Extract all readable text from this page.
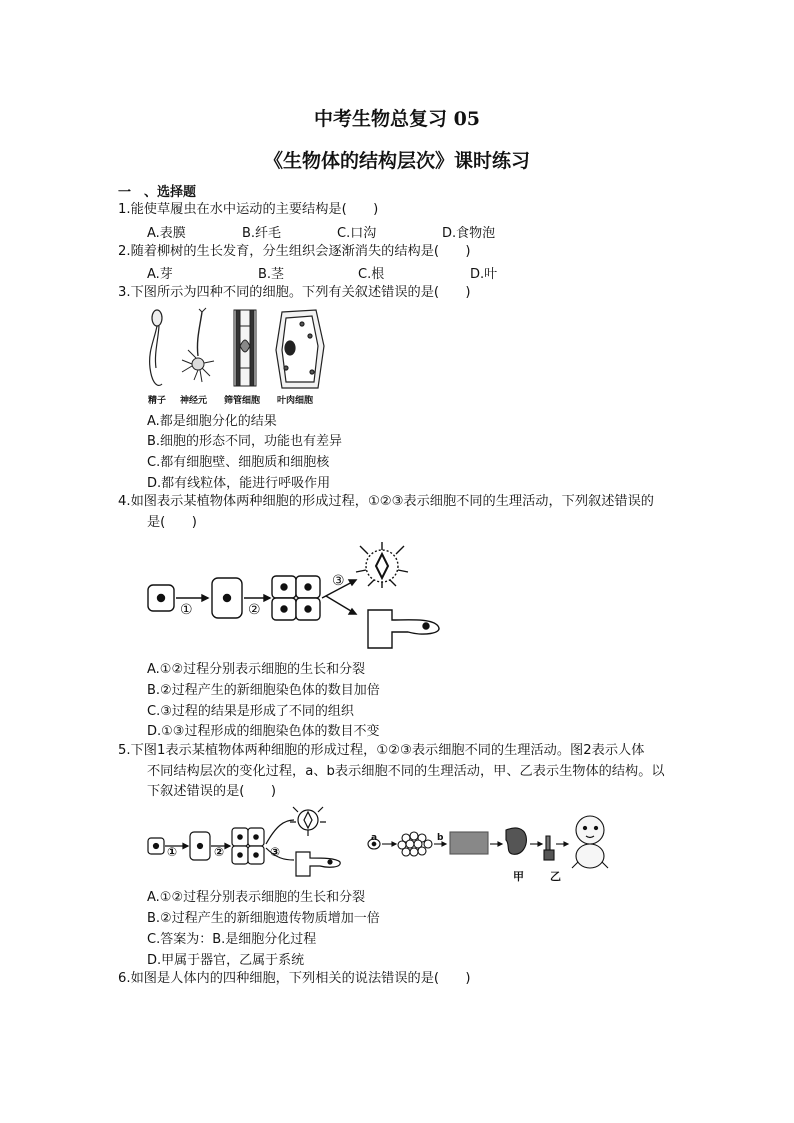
中考生物总复习 05
《生物体的结构层次》课时练习
一　、选择题
1.能使草履虫在水中运动的主要结构是(　　)
A.表膜	B.纤毛	C.口沟	D.食物泡
2.随着柳树的生长发育，分生组织会逐渐消失的结构是(　　)
A.芽	B.茎	C.根	D.叶
3.下图所示为四种不同的细胞。下列有关叙述错误的是(　　)
精子 神经元 筛管细胞 叶肉细胞
A.都是细胞分化的结果
B.细胞的形态不同，功能也有差异
C.都有细胞壁、细胞质和细胞核
D.都有线粒体，能进行呼吸作用
4.如图表示某植物体两种细胞的形成过程，①②③表示细胞不同的生理活动，下列叙述错误的
是(　　)
①	②
③
A.①②过程分别表示细胞的生长和分裂
B.②过程产生的新细胞染色体的数目加倍
C.③过程的结果是形成了不同的组织
D.①③过程形成的细胞染色体的数目不变
5.下图1表示某植物体两种细胞的形成过程，①②③表示细胞不同的生理活动。图2表示人体
不同结构层次的变化过程，a、b表示细胞不同的生理活动，甲、乙表示生物体的结构。以
下叙述错误的是(　　)
①	②	③
a	b
甲 乙
A.①②过程分别表示细胞的生长和分裂
B.②过程产生的新细胞遗传物质增加一倍
C.答案为：B.是细胞分化过程
D.甲属于器官，乙属于系统
6.如图是人体内的四种细胞，下列相关的说法错误的是(　　)
